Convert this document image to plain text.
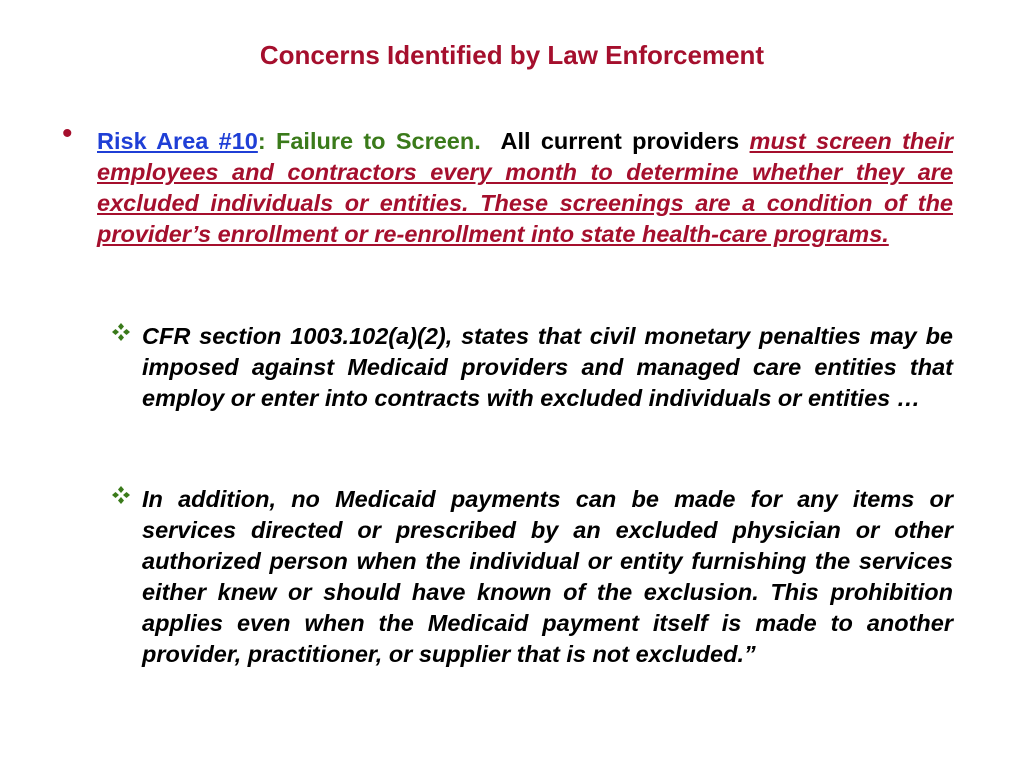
Concerns Identified by Law Enforcement
• Risk Area #10: Failure to Screen. All current providers must screen their employees and contractors every month to determine whether they are excluded individuals or entities. These screenings are a condition of the provider’s enrollment or re-enrollment into state health-care programs.
CFR section 1003.102(a)(2), states that civil monetary penalties may be imposed against Medicaid providers and managed care entities that employ or enter into contracts with excluded individuals or entities …
In addition, no Medicaid payments can be made for any items or services directed or prescribed by an excluded physician or other authorized person when the individual or entity furnishing the services either knew or should have known of the exclusion. This prohibition applies even when the Medicaid payment itself is made to another provider, practitioner, or supplier that is not excluded.”
